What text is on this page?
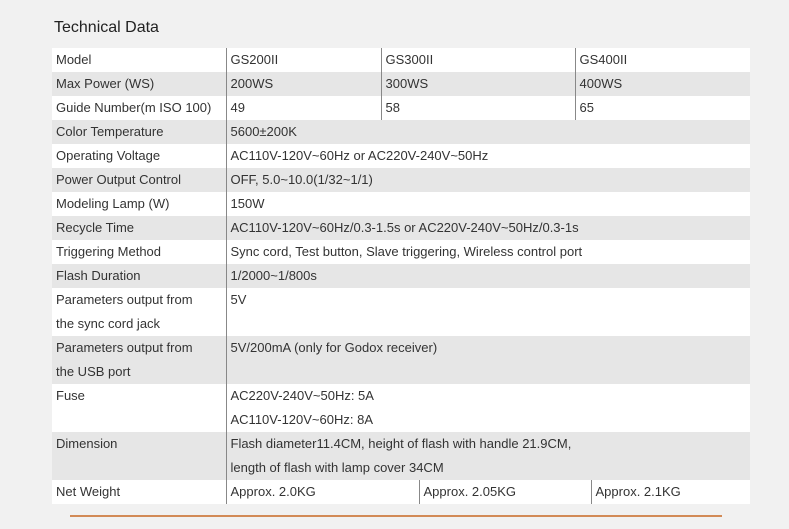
Technical Data
Model	GS200II	GS300II		GS400II	
Max Power (WS)	200WS	300WS		400WS	
Guide Number(m ISO 100)	49	58		65	
Color Temperature	5600±200K				
Operating Voltage	AC110V-120V~60Hz or AC220V-240V~50Hz				
Power Output Control	OFF, 5.0~10.0(1/32~1/1)				
Modeling Lamp (W)	150W				
Recycle Time	AC110V-120V~60Hz/0.3-1.5s or AC220V-240V~50Hz/0.3-1s				
Triggering Method	Sync cord, Test button, Slave triggering, Wireless control port				
Flash Duration	1/2000~1/800s				

Parameters output from
the sync cord jack	5V				

Parameters output from
the USB port	5V/200mA (only for Godox receiver)				
Fuse	AC220V-240V~50Hz: 5A
AC110V-120V~60Hz: 8A				

Dimension	Flash diameter11.4CM, height of flash with handle 21.9CM,
length of flash with lamp cover 34CM				

Net Weight	Approx. 2.0KG		Approx. 2.05KG		Approx. 2.1KG
